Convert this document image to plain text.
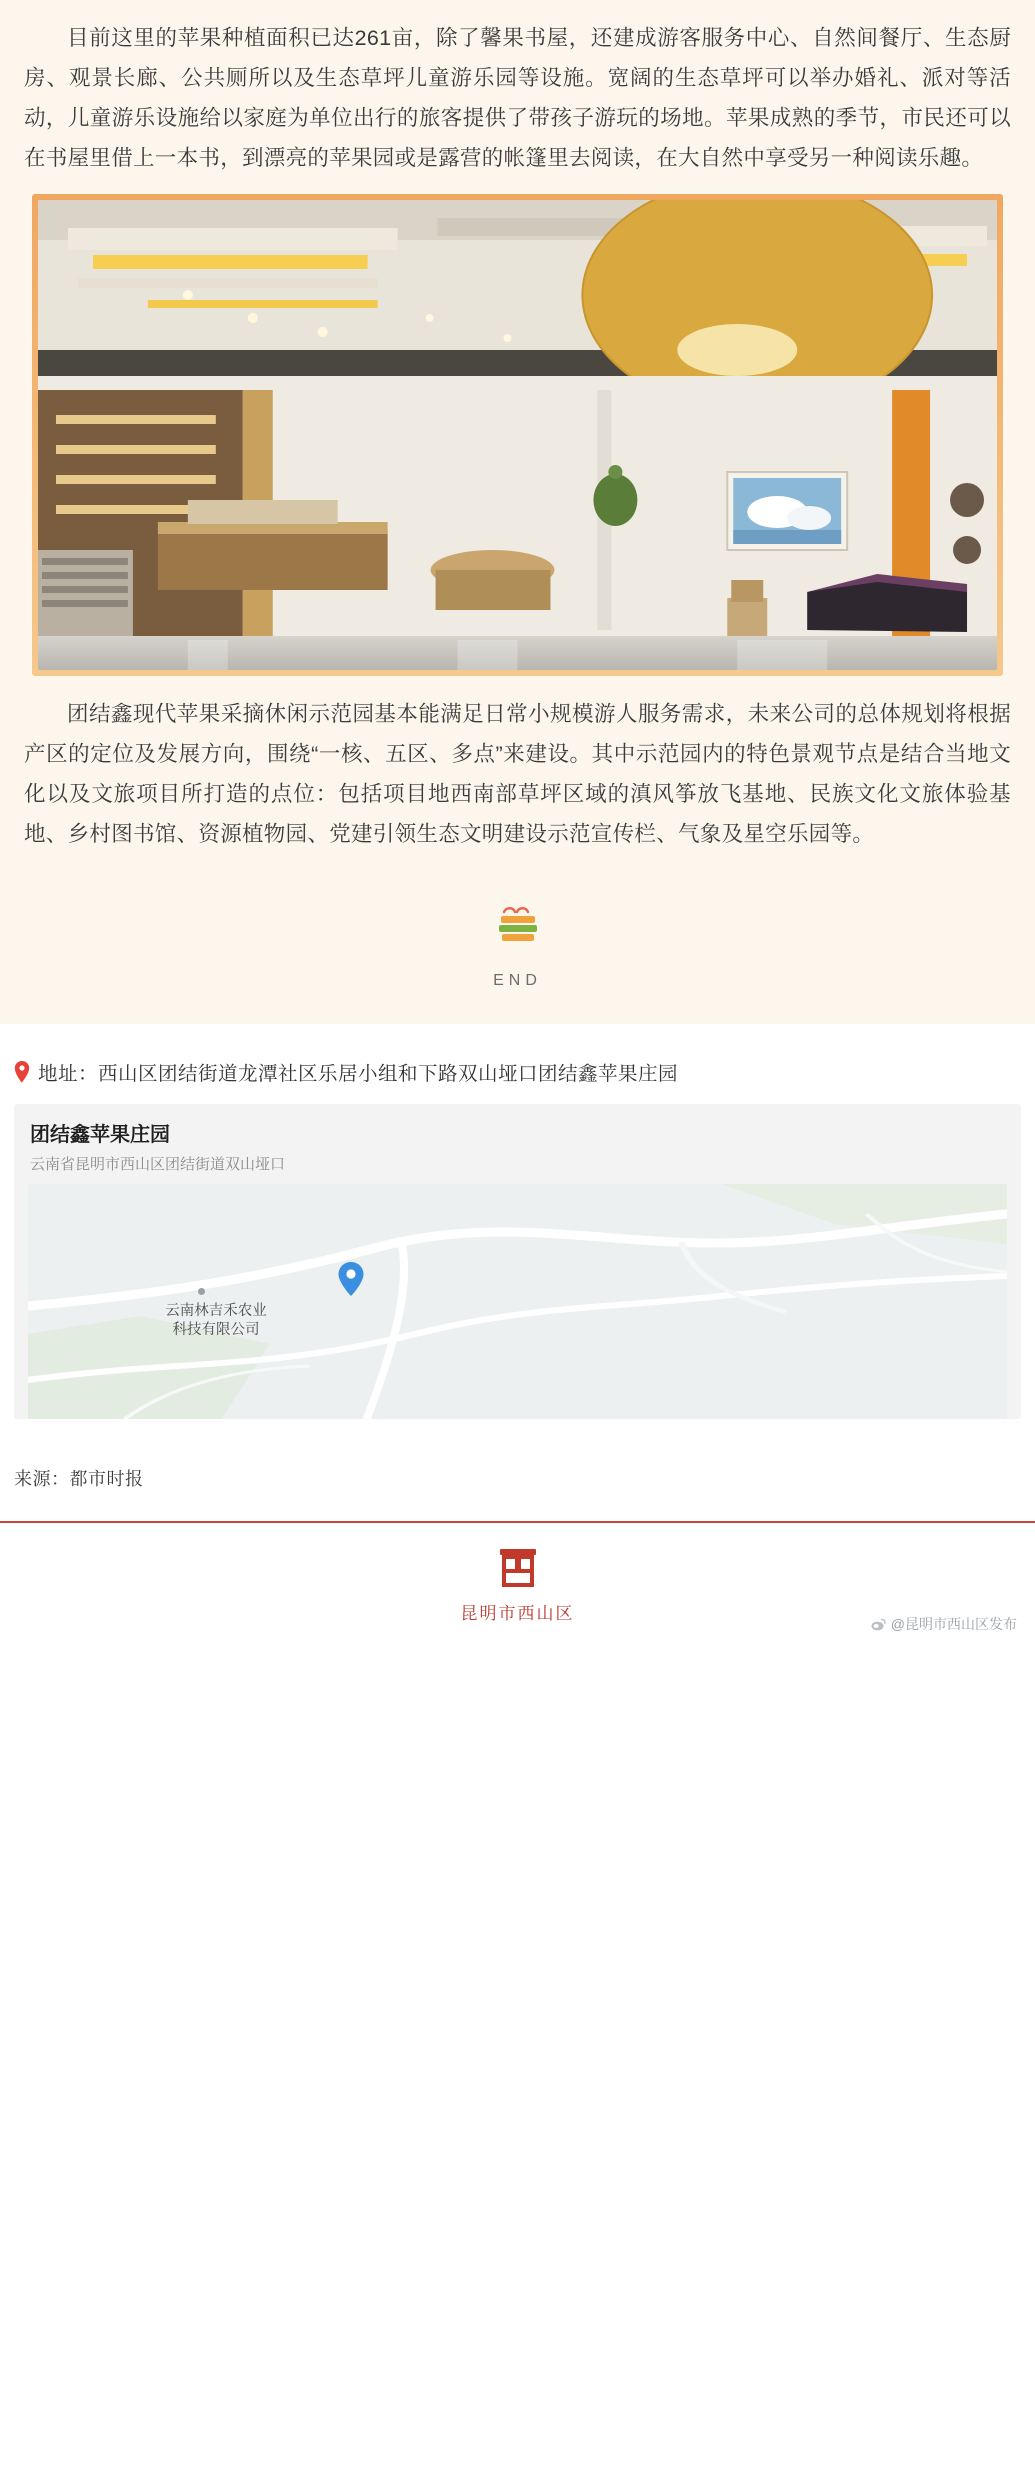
目前这里的苹果种植面积已达261亩，除了馨果书屋，还建成游客服务中心、自然间餐厅、生态厨房、观景长廊、公共厕所以及生态草坪儿童游乐园等设施。宽阔的生态草坪可以举办婚礼、派对等活动，儿童游乐设施给以家庭为单位出行的旅客提供了带孩子游玩的场地。苹果成熟的季节，市民还可以在书屋里借上一本书，到漂亮的苹果园或是露营的帐篷里去阅读，在大自然中享受另一种阅读乐趣。

团结鑫现代苹果采摘休闲示范园基本能满足日常小规模游人服务需求，未来公司的总体规划将根据产区的定位及发展方向，围绕“一核、五区、多点”来建设。其中示范园内的特色景观节点是结合当地文化以及文旅项目所打造的点位：包括项目地西南部草坪区域的滇风筝放飞基地、民族文化文旅体验基地、乡村图书馆、资源植物园、党建引领生态文明建设示范宣传栏、气象及星空乐园等。

END
地址： 西山区团结街道龙潭社区乐居小组和下路双山垭口团结鑫苹果庄园
团结鑫苹果庄园
云南省昆明市西山区团结街道双山垭口
云南林吉禾农业
科技有限公司
来源：都市时报
昆明市西山区
@昆明市西山区发布
